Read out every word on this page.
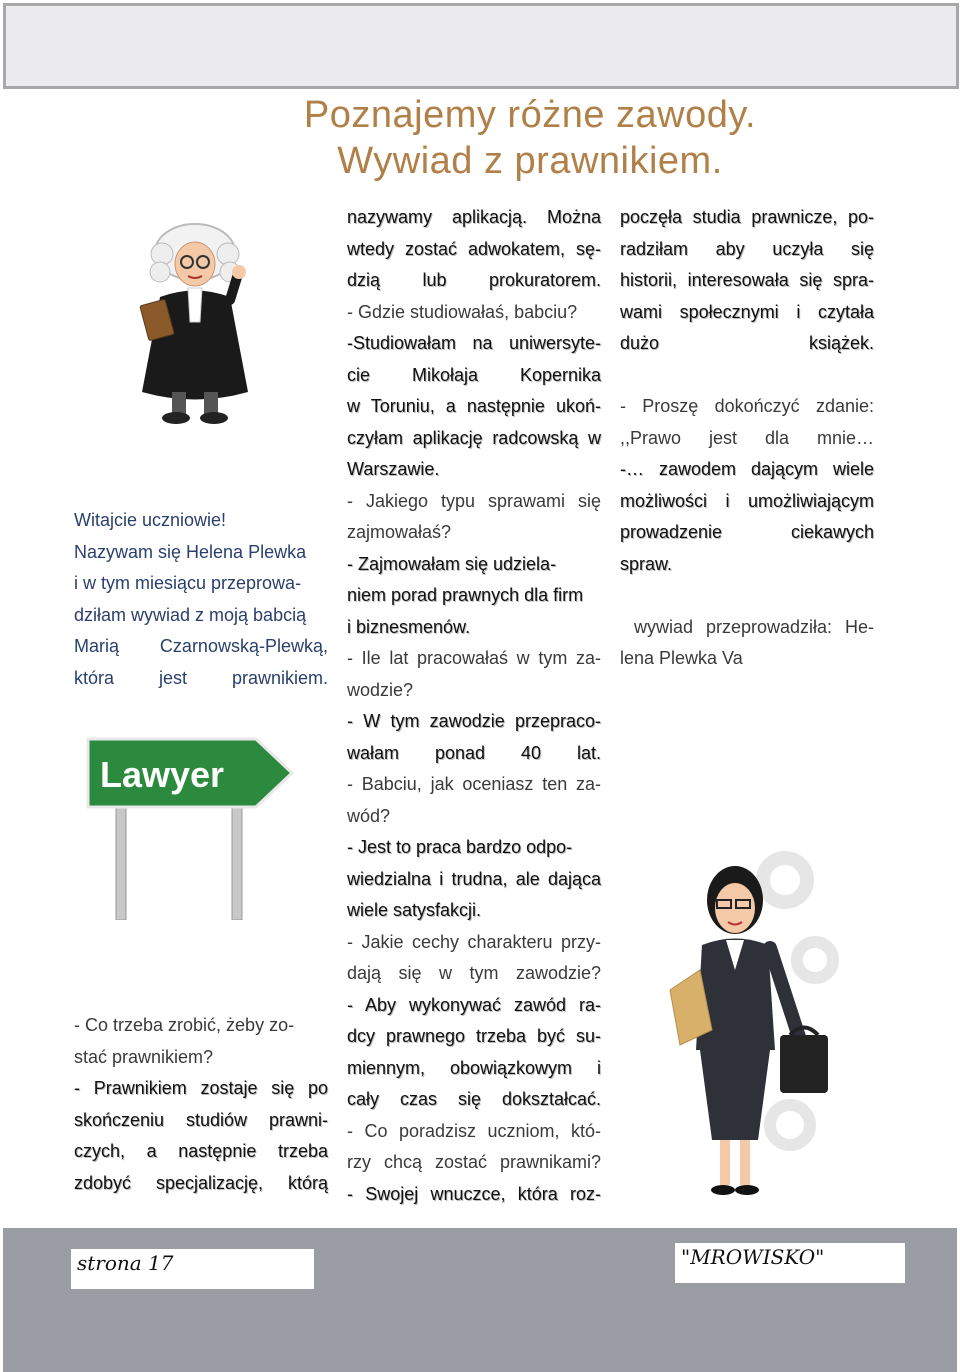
Poznajemy różne zawody.
Wywiad z prawnikiem.

Witajcie uczniowie!

Nazywam się Helena Plewka

i w tym miesiącu przeprowa-

dziłam wywiad z moją babcią

Marią Czarnowską-Plewką,

która jest prawnikiem.

Lawyer

- Co trzeba zrobić, żeby zo-

stać prawnikiem?

- Prawnikiem zostaje się po

skończeniu studiów prawni-

czych, a następnie trzeba

zdobyć specjalizację, którą

nazywamy aplikacją. Można

wtedy zostać adwokatem, sę-

dzią lub prokuratorem.

- Gdzie studiowałaś, babciu?

-Studiowałam na uniwersyte-

cie Mikołaja Kopernika

w Toruniu, a następnie ukoń-

czyłam aplikację radcowską w

Warszawie.

- Jakiego typu sprawami się

zajmowałaś?

- Zajmowałam się udziela-

niem porad prawnych dla firm

i biznesmenów.

- Ile lat pracowałaś w tym za-

wodzie?

- W tym zawodzie przepraco-

wałam ponad 40 lat.

- Babciu, jak oceniasz ten za-

wód?

- Jest to praca bardzo odpo-

wiedzialna i trudna, ale dająca

wiele satysfakcji.

- Jakie cechy charakteru przy-

dają się w tym zawodzie?

- Aby wykonywać zawód ra-

dcy prawnego trzeba być su-

miennym, obowiązkowym i

cały czas się dokształcać.

- Co poradzisz uczniom, któ-

rzy chcą zostać prawnikami?

- Swojej wnuczce, która roz-

poczęła studia prawnicze, po-

radziłam aby uczyła się

historii, interesowała się spra-

wami społecznymi i czytała

dużo książek.

- Proszę dokończyć zdanie:

,,Prawo jest dla mnie…

-… zawodem dającym wiele

możliwości i umożliwiającym

prowadzenie ciekawych

spraw.

wywiad przeprowadziła: He-

lena Plewka Va

strona 17	"MROWISKO"
